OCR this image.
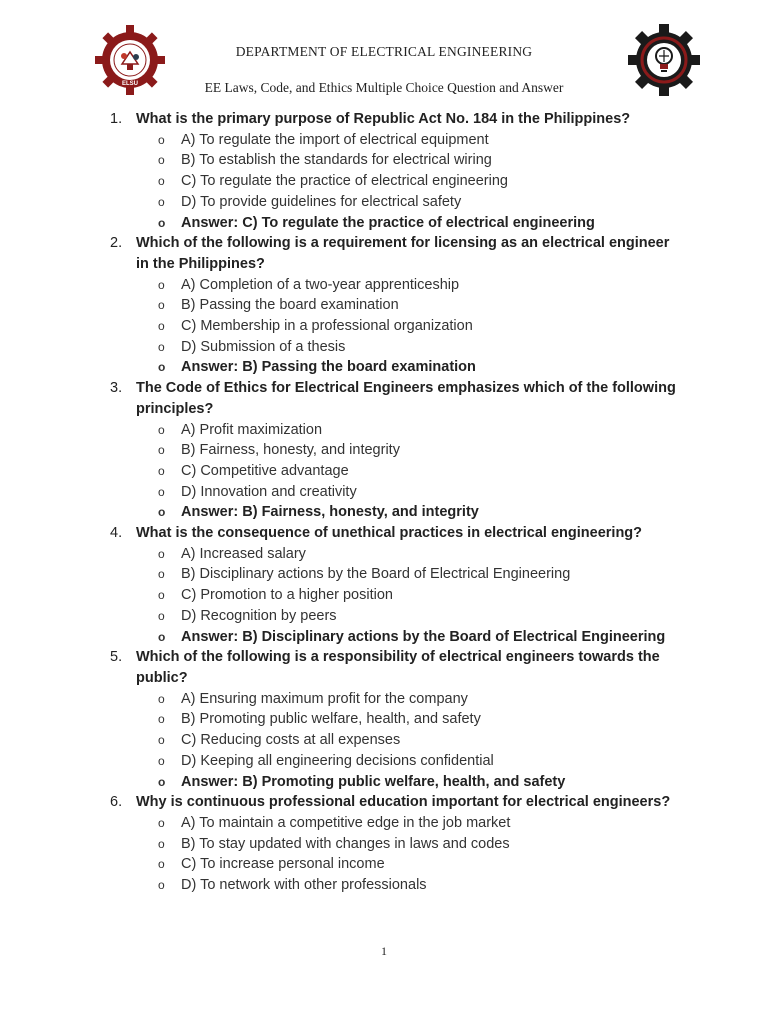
ELSU
DEPARTMENT OF ELECTRICAL ENGINEERING
EE Laws, Code, and Ethics Multiple Choice Question and Answer
1. What is the primary purpose of Republic Act No. 184 in the Philippines?
o A) To regulate the import of electrical equipment
o B) To establish the standards for electrical wiring
o C) To regulate the practice of electrical engineering
o D) To provide guidelines for electrical safety
o Answer: C) To regulate the practice of electrical engineering
2. Which of the following is a requirement for licensing as an electrical engineer in the Philippines?
o A) Completion of a two-year apprenticeship
o B) Passing the board examination
o C) Membership in a professional organization
o D) Submission of a thesis
o Answer: B) Passing the board examination
3. The Code of Ethics for Electrical Engineers emphasizes which of the following principles?
o A) Profit maximization
o B) Fairness, honesty, and integrity
o C) Competitive advantage
o D) Innovation and creativity
o Answer: B) Fairness, honesty, and integrity
4. What is the consequence of unethical practices in electrical engineering?
o A) Increased salary
o B) Disciplinary actions by the Board of Electrical Engineering
o C) Promotion to a higher position
o D) Recognition by peers
o Answer: B) Disciplinary actions by the Board of Electrical Engineering
5. Which of the following is a responsibility of electrical engineers towards the public?
o A) Ensuring maximum profit for the company
o B) Promoting public welfare, health, and safety
o C) Reducing costs at all expenses
o D) Keeping all engineering decisions confidential
o Answer: B) Promoting public welfare, health, and safety
6. Why is continuous professional education important for electrical engineers?
o A) To maintain a competitive edge in the job market
o B) To stay updated with changes in laws and codes
o C) To increase personal income
o D) To network with other professionals
1
